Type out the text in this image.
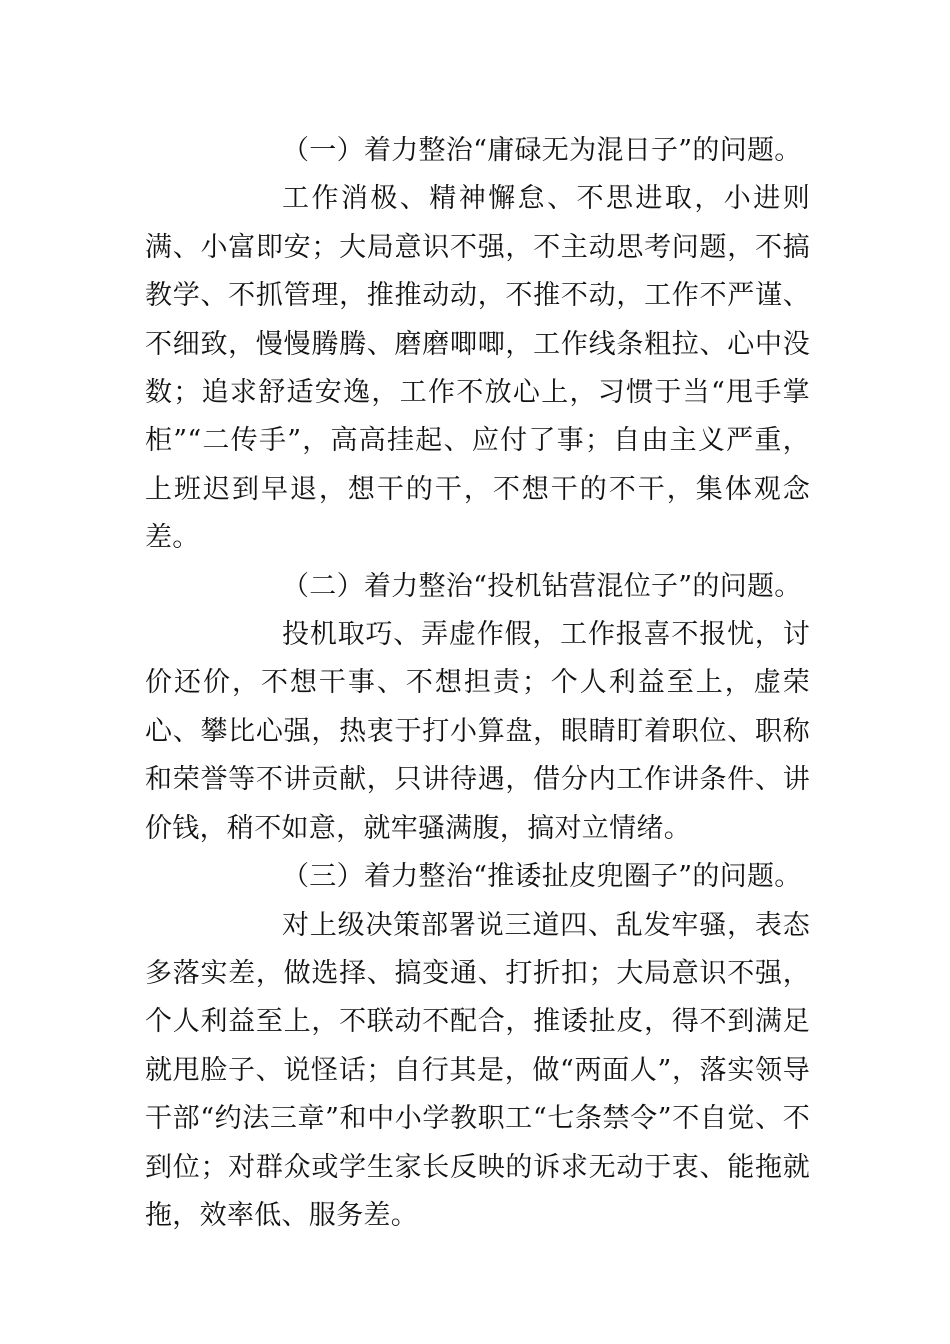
（一）着力整治“庸碌无为混日子”的问题。

工作消极、精神懈怠、不思进取，小进则满、小富即安；大局意识不强，不主动思考问题，不搞教学、不抓管理，推推动动，不推不动，工作不严谨、不细致，慢慢腾腾、磨磨唧唧，工作线条粗拉、心中没数；追求舒适安逸，工作不放心上，习惯于当“甩手掌柜”“二传手”，高高挂起、应付了事；自由主义严重，上班迟到早退，想干的干，不想干的不干，集体观念差。

（二）着力整治“投机钻营混位子”的问题。

投机取巧、弄虚作假，工作报喜不报忧，讨价还价，不想干事、不想担责；个人利益至上，虚荣心、攀比心强，热衷于打小算盘，眼睛盯着职位、职称和荣誉等不讲贡献，只讲待遇，借分内工作讲条件、讲价钱，稍不如意，就牢骚满腹，搞对立情绪。

（三）着力整治“推诿扯皮兜圈子”的问题。

对上级决策部署说三道四、乱发牢骚，表态多落实差，做选择、搞变通、打折扣；大局意识不强，个人利益至上，不联动不配合，推诿扯皮，得不到满足就甩脸子、说怪话；自行其是，做“两面人”，落实领导干部“约法三章”和中小学教职工“七条禁令”不自觉、不到位；对群众或学生家长反映的诉求无动于衷、能拖就拖，效率低、服务差。
